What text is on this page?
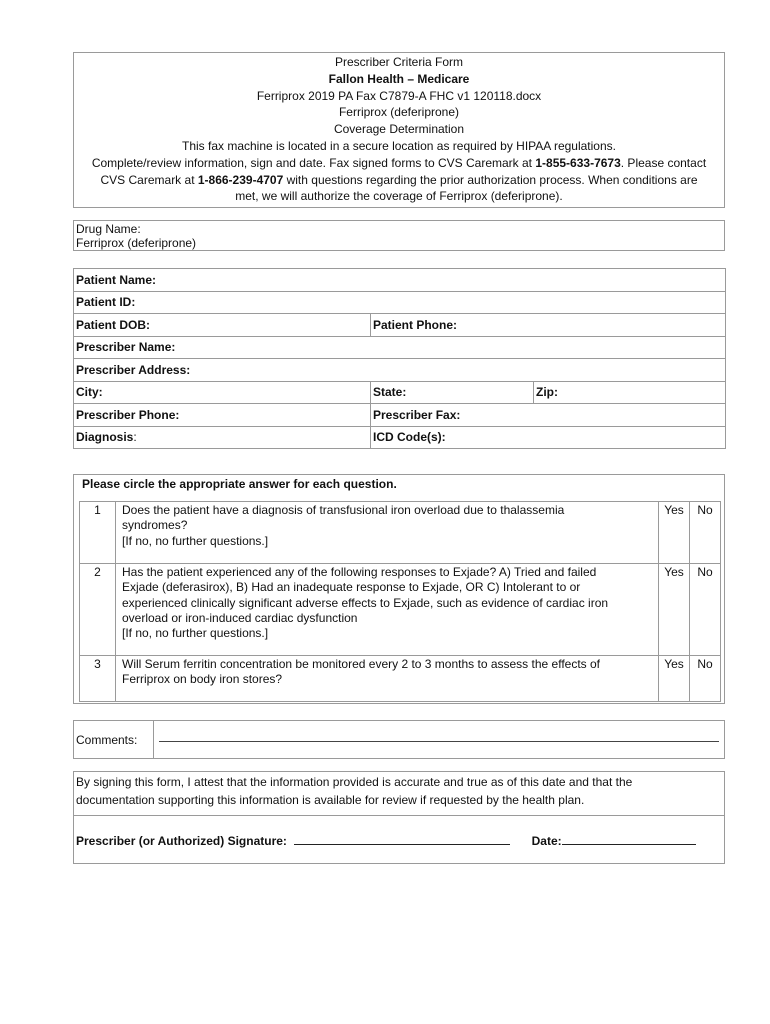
Prescriber Criteria Form
Fallon Health – Medicare
Ferriprox 2019 PA Fax C7879-A FHC v1 120118.docx
Ferriprox (deferiprone)
Coverage Determination
This fax machine is located in a secure location as required by HIPAA regulations.
Complete/review information, sign and date. Fax signed forms to CVS Caremark at 1-855-633-7673. Please contact
CVS Caremark at 1-866-239-4707 with questions regarding the prior authorization process. When conditions are
met, we will authorize the coverage of Ferriprox (deferiprone).
Drug Name:
Ferriprox (deferiprone)
Patient Name:		
Patient ID:		
Patient DOB:	Patient Phone:	
Prescriber Name:		
Prescriber Address:		
City:	State:	Zip:
Prescriber Phone:	Prescriber Fax:	
Diagnosis:	ICD Code(s):	
Please circle the appropriate answer for each question.
1	Does the patient have a diagnosis of transfusional iron overload due to thalassemia
syndromes?
[If no, no further questions.]	Yes	No
2	Has the patient experienced any of the following responses to Exjade? A) Tried and failed
Exjade (deferasirox), B) Had an inadequate response to Exjade, OR C) Intolerant to or
experienced clinically significant adverse effects to Exjade, such as evidence of cardiac iron
overload or iron-induced cardiac dysfunction
[If no, no further questions.]	Yes	No
3	Will Serum ferritin concentration be monitored every 2 to 3 months to assess the effects of
Ferriprox on body iron stores?	Yes	No
Comments:	
By signing this form, I attest that the information provided is accurate and true as of this date and that the
documentation supporting this information is available for review if requested by the health plan.

Prescriber (or Authorized) Signature:	Date:
